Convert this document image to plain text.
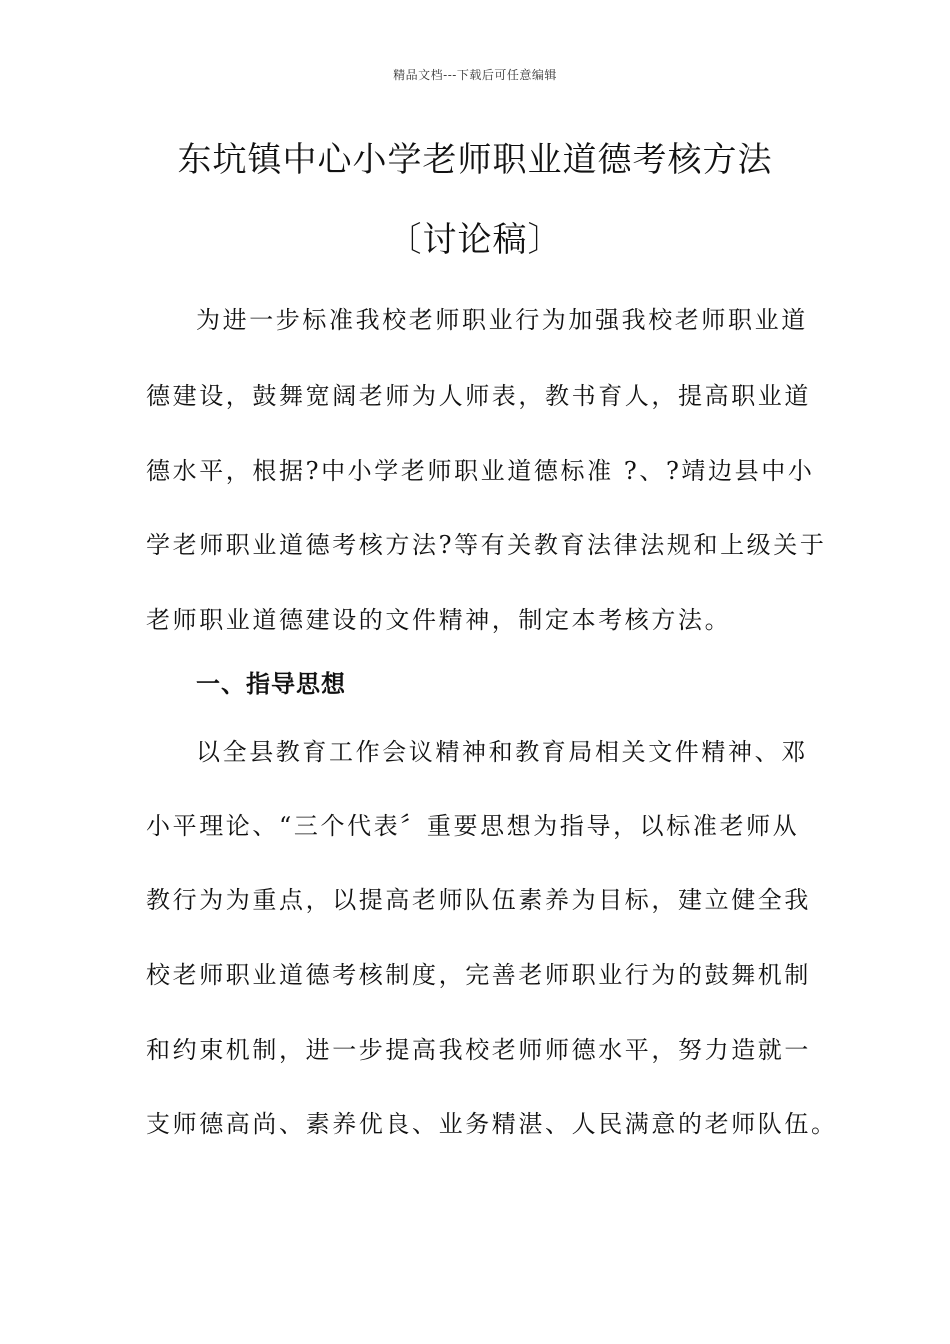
精品文档---下载后可任意编辑
东坑镇中心小学老师职业道德考核方法
〔讨论稿〕
为进一步标准我校老师职业行为加强我校老师职业道
德建设，鼓舞宽阔老师为人师表，教书育人，提高职业道
德水平，根据?中小学老师职业道德标准 ?、?靖边县中小
学老师职业道德考核方法?等有关教育法律法规和上级关于
老师职业道德建设的文件精神，制定本考核方法。
一、指导思想
以全县教育工作会议精神和教育局相关文件精神、邓
小平理论、“三个代表〞重要思想为指导，以标准老师从
教行为为重点，以提高老师队伍素养为目标，建立健全我
校老师职业道德考核制度，完善老师职业行为的鼓舞机制
和约束机制，进一步提高我校老师师德水平，努力造就一
支师德高尚、素养优良、业务精湛、人民满意的老师队伍。
